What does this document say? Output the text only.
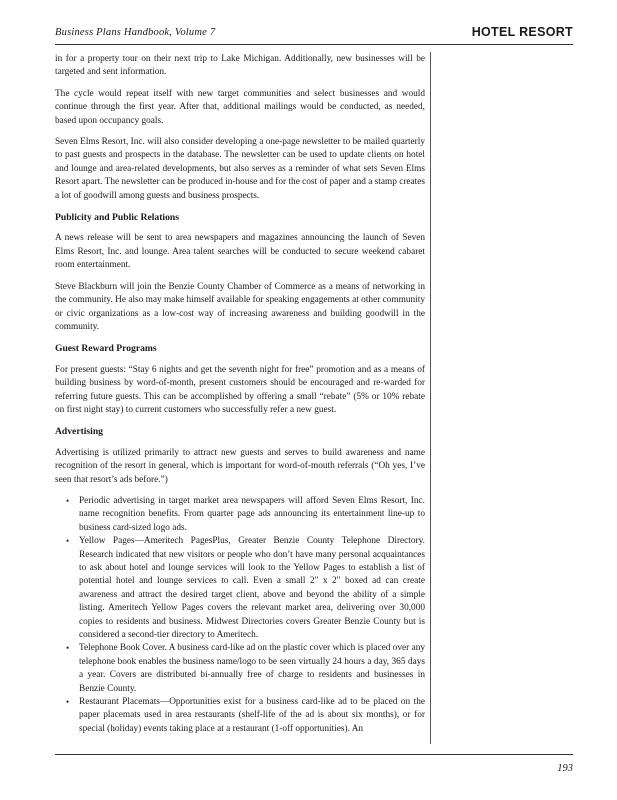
Business Plans Handbook, Volume 7	HOTEL RESORT

in for a property tour on their next trip to Lake Michigan. Additionally, new businesses will be targeted and sent information.

The cycle would repeat itself with new target communities and select businesses and would continue through the first year. After that, additional mailings would be conducted, as needed, based upon occupancy goals.

Seven Elms Resort, Inc. will also consider developing a one-page newsletter to be mailed quarterly to past guests and prospects in the database. The newsletter can be used to update clients on hotel and lounge and area-related developments, but also serves as a reminder of what sets Seven Elms Resort apart. The newsletter can be produced in-house and for the cost of paper and a stamp creates a lot of goodwill among guests and business prospects.

Publicity and Public Relations

A news release will be sent to area newspapers and magazines announcing the launch of Seven Elms Resort, Inc. and lounge. Area talent searches will be conducted to secure weekend cabaret room entertainment.

Steve Blackburn will join the Benzie County Chamber of Commerce as a means of networking in the community. He also may make himself available for speaking engagements at other community or civic organizations as a low-cost way of increasing awareness and building goodwill in the community.

Guest Reward Programs

For present guests: “Stay 6 nights and get the seventh night for free” promotion and as a means of building business by word-of-month, present customers should be encouraged and re-warded for referring future guests. This can be accomplished by offering a small “rebate” (5% or 10% rebate on first night stay) to current customers who successfully refer a new guest.

Advertising

Advertising is utilized primarily to attract new guests and serves to build awareness and name recognition of the resort in general, which is important for word-of-mouth referrals (“Oh yes, I’ve seen that resort’s ads before.”)

• Periodic advertising in target market area newspapers will afford Seven Elms Resort, Inc. name recognition benefits. From quarter page ads announcing its entertainment line-up to business card-sized logo ads.
• Yellow Pages—Ameritech PagesPlus, Greater Benzie County Telephone Directory. Research indicated that new visitors or people who don’t have many personal acquaintances to ask about hotel and lounge services will look to the Yellow Pages to establish a list of potential hotel and lounge services to call. Even a small 2" x 2" boxed ad can create awareness and attract the desired target client, above and beyond the ability of a simple listing. Ameritech Yellow Pages covers the relevant market area, delivering over 30,000 copies to residents and business. Midwest Directories covers Greater Benzie County but is considered a second-tier directory to Ameritech.
• Telephone Book Cover. A business card-like ad on the plastic cover which is placed over any telephone book enables the business name/logo to be seen virtually 24 hours a day, 365 days a year. Covers are distributed bi-annually free of charge to residents and businesses in Benzie County.
• Restaurant Placemats—Opportunities exist for a business card-like ad to be placed on the paper placemats used in area restaurants (shelf-life of the ad is about six months), or for special (holiday) events taking place at a restaurant (1-off opportunities). An
193
